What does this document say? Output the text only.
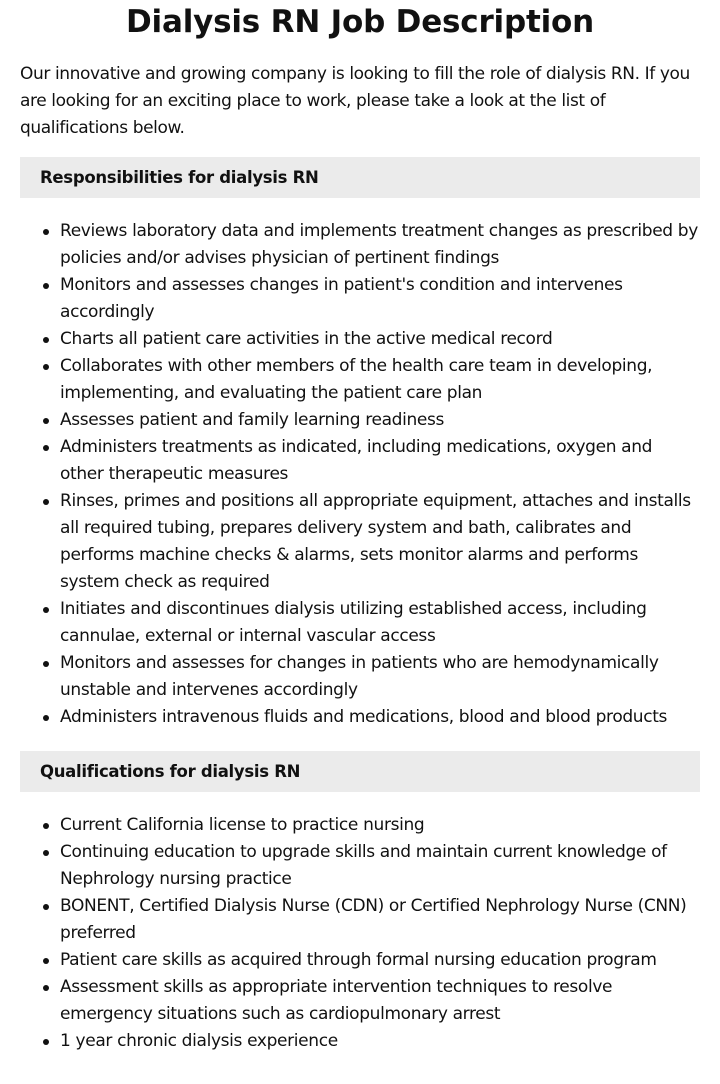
Dialysis RN Job Description

Our innovative and growing company is looking to fill the role of dialysis RN. If you are looking for an exciting place to work, please take a look at the list of qualifications below.

Responsibilities for dialysis RN
Reviews laboratory data and implements treatment changes as prescribed by policies and/or advises physician of pertinent findings
Monitors and assesses changes in patient's condition and intervenes accordingly
Charts all patient care activities in the active medical record
Collaborates with other members of the health care team in developing, implementing, and evaluating the patient care plan
Assesses patient and family learning readiness
Administers treatments as indicated, including medications, oxygen and other therapeutic measures
Rinses, primes and positions all appropriate equipment, attaches and installs all required tubing, prepares delivery system and bath, calibrates and performs machine checks & alarms, sets monitor alarms and performs system check as required
Initiates and discontinues dialysis utilizing established access, including cannulae, external or internal vascular access
Monitors and assesses for changes in patients who are hemodynamically unstable and intervenes accordingly
Administers intravenous fluids and medications, blood and blood products
Qualifications for dialysis RN
Current California license to practice nursing
Continuing education to upgrade skills and maintain current knowledge of Nephrology nursing practice
BONENT, Certified Dialysis Nurse (CDN) or Certified Nephrology Nurse (CNN) preferred
Patient care skills as acquired through formal nursing education program
Assessment skills as appropriate intervention techniques to resolve emergency situations such as cardiopulmonary arrest
1 year chronic dialysis experience
